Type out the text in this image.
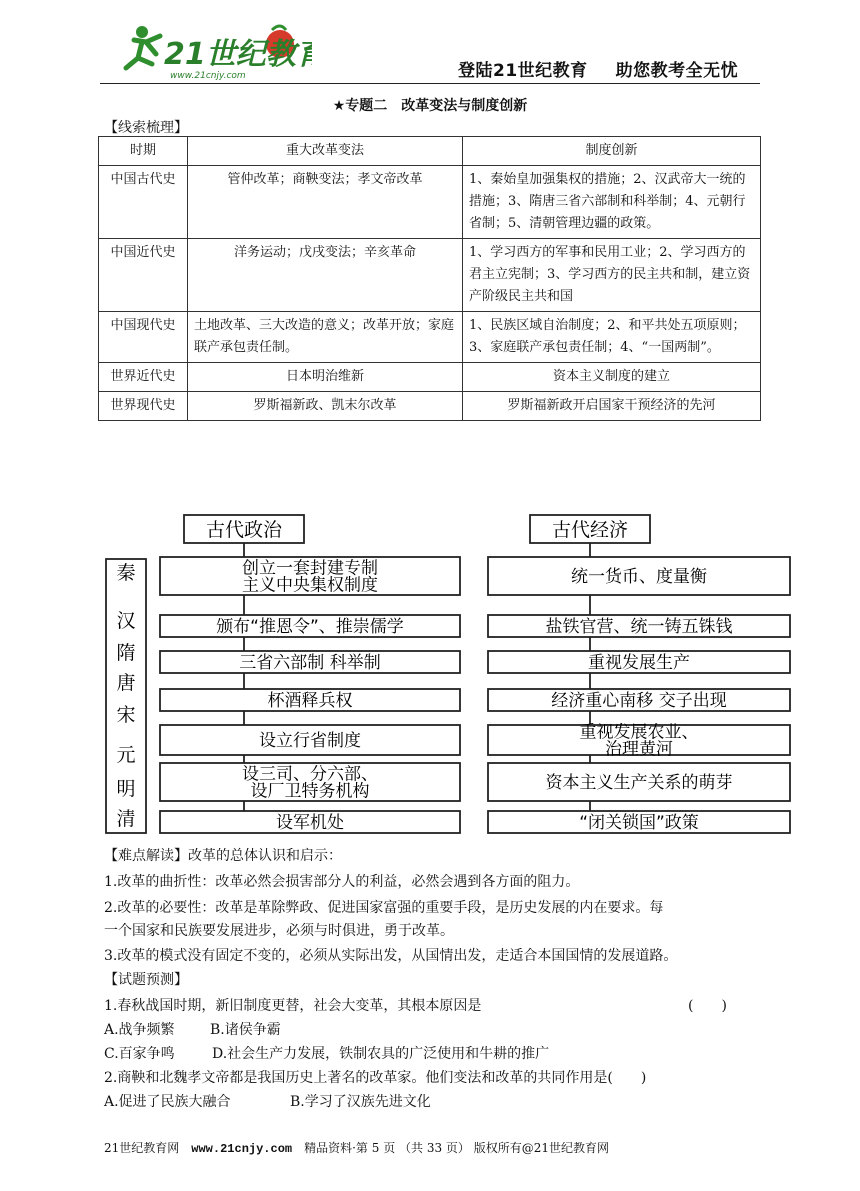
21世纪教育
www.21cnjy.com	登陆21世纪教育 助您教考全无忧
★专题二　改革变法与制度创新
【线索梳理】
时期	重大改革变法	制度创新
中国古代史	管仲改革；商鞅变法；孝文帝改革	1、秦始皇加强集权的措施；2、汉武帝大一统的措施；3、隋唐三省六部制和科举制；4、元朝行省制；5、清朝管理边疆的政策。
中国近代史	洋务运动；戊戌变法；辛亥革命	1、学习西方的军事和民用工业；2、学习西方的君主立宪制；3、学习西方的民主共和制，建立资产阶级民主共和国
中国现代史	土地改革、三大改造的意义；改革开放；家庭联产承包责任制。	1、民族区域自治制度；2、和平共处五项原则；3、家庭联产承包责任制；4、“一国两制”。
世界近代史	日本明治维新	资本主义制度的建立
世界现代史	罗斯福新政、凯末尔改革	罗斯福新政开启国家干预经济的先河
古代政治	古代经济
秦
汉
隋
唐
宋
元
明
清
创立一套封建专制
主义中央集权制度
颁布“推恩令”、推崇儒学
三省六部制 科举制
杯酒释兵权
设立行省制度
设三司、分六部、
设厂卫特务机构
设军机处
统一货币、度量衡
盐铁官营、统一铸五铢钱
重视发展生产
经济重心南移 交子出现
重视发展农业、
治理黄河
资本主义生产关系的萌芽
“闭关锁国”政策
【难点解读】改革的总体认识和启示：
1.改革的曲折性：改革必然会损害部分人的利益，必然会遇到各方面的阻力。
2.改革的必要性：改革是革除弊政、促进国家富强的重要手段，是历史发展的内在要求。每
一个国家和民族要发展进步，必须与时俱进，勇于改革。
3.改革的模式没有固定不变的，必须从实际出发，从国情出发，走适合本国国情的发展道路。
【试题预测】
1.春秋战国时期，新旧制度更替，社会大变革，其根本原因是	(　　)
A.战争频繁	B.诸侯争霸
C.百家争鸣	D.社会生产力发展，铁制农具的广泛使用和牛耕的推广
2.商鞅和北魏孝文帝都是我国历史上著名的改革家。他们变法和改革的共同作用是(　　)
A.促进了民族大融合	B.学习了汉族先进文化
21世纪教育网 www.21cnjy.com 精品资料·第 5 页 （共 33 页） 版权所有@21世纪教育网
